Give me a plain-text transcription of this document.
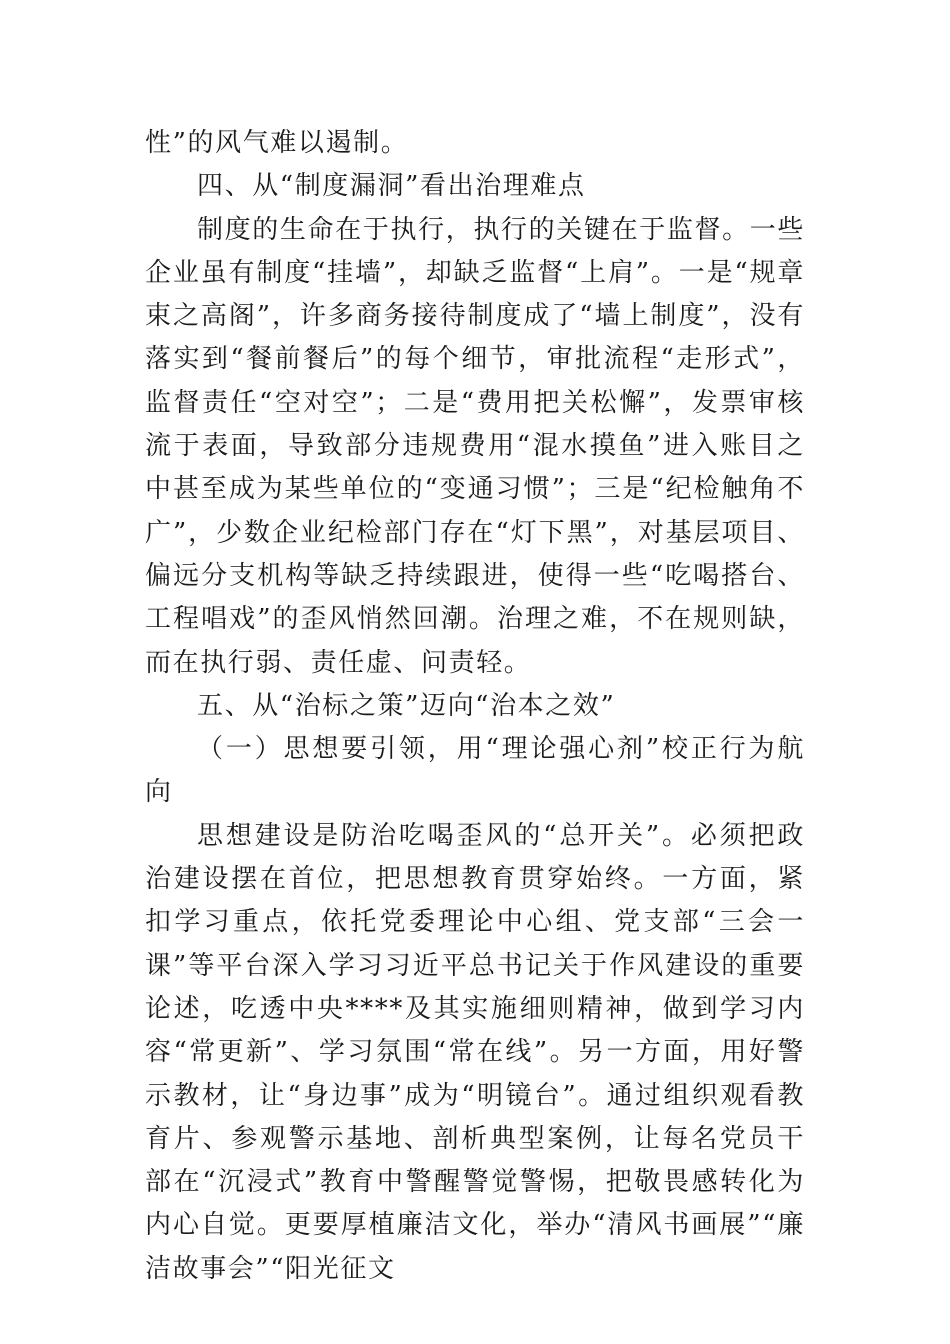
性”的风气难以遏制。

四、从“制度漏洞”看出治理难点

制度的生命在于执行，执行的关键在于监督。一些企业虽有制度“挂墙”，却缺乏监督“上肩”。一是“规章束之高阁”，许多商务接待制度成了“墙上制度”，没有落实到“餐前餐后”的每个细节，审批流程“走形式”，监督责任“空对空”；二是“费用把关松懈”，发票审核流于表面，导致部分违规费用“混水摸鱼”进入账目之中甚至成为某些单位的“变通习惯”；三是“纪检触角不广”，少数企业纪检部门存在“灯下黑”，对基层项目、偏远分支机构等缺乏持续跟进，使得一些“吃喝搭台、工程唱戏”的歪风悄然回潮。治理之难，不在规则缺，而在执行弱、责任虚、问责轻。

五、从“治标之策”迈向“治本之效”

（一）思想要引领，用“理论强心剂”校正行为航向

思想建设是防治吃喝歪风的“总开关”。必须把政治建设摆在首位，把思想教育贯穿始终。一方面，紧扣学习重点，依托党委理论中心组、党支部“三会一课”等平台深入学习习近平总书记关于作风建设的重要论述，吃透中央****及其实施细则精神，做到学习内容“常更新”、学习氛围“常在线”。另一方面，用好警示教材，让“身边事”成为“明镜台”。通过组织观看教育片、参观警示基地、剖析典型案例，让每名党员干部在“沉浸式”教育中警醒警觉警惕，把敬畏感转化为内心自觉。更要厚植廉洁文化，举办“清风书画展”“廉洁故事会”“阳光征文
